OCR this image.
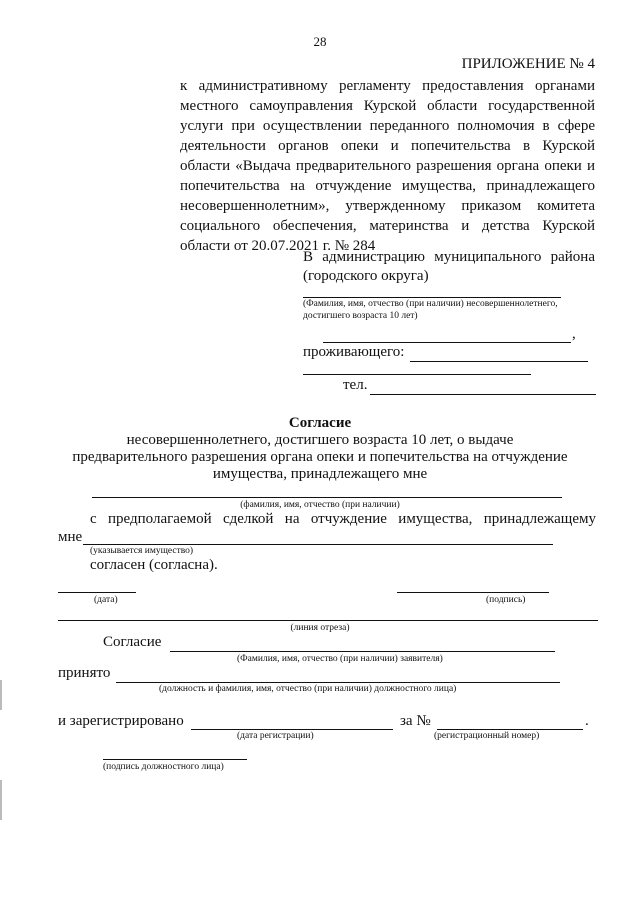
28
ПРИЛОЖЕНИЕ № 4
к административному регламенту предоставления органами
местного самоуправления Курской области государственной
услуги при осуществлении переданного полномочия в сфере
деятельности органов опеки и попечительства в Курской
области «Выдача предварительного разрешения органа опеки и
попечительства на отчуждение имущества, принадлежащего
несовершеннолетним», утвержденному приказом комитета
социального обеспечения, материнства и детства Курской
области от 20.07.2021 г. № 284
В администрацию муниципального района
(городского округа)
(Фамилия, имя, отчество (при наличии) несовершеннолетнего,
достигшего возраста 10 лет)
,
проживающего:
тел.
Согласие
несовершеннолетнего, достигшего возраста 10 лет, о выдаче
предварительного разрешения органа опеки и попечительства на отчуждение
имущества, принадлежащего мне
(фамилия, имя, отчество (при наличии)
с предполагаемой сделкой на отчуждение имущества, принадлежащему
мне
(указывается имущество)
согласен (согласна).
(дата)	(подпись)
(линия отреза)
Согласие
(Фамилия, имя, отчество (при наличии) заявителя)
принято
(должность и фамилия, имя, отчество (при наличии) должностного лица)
и зарегистрировано
(дата регистрации)
за №	.
(регистрационный номер)
(подпись должностного лица)
